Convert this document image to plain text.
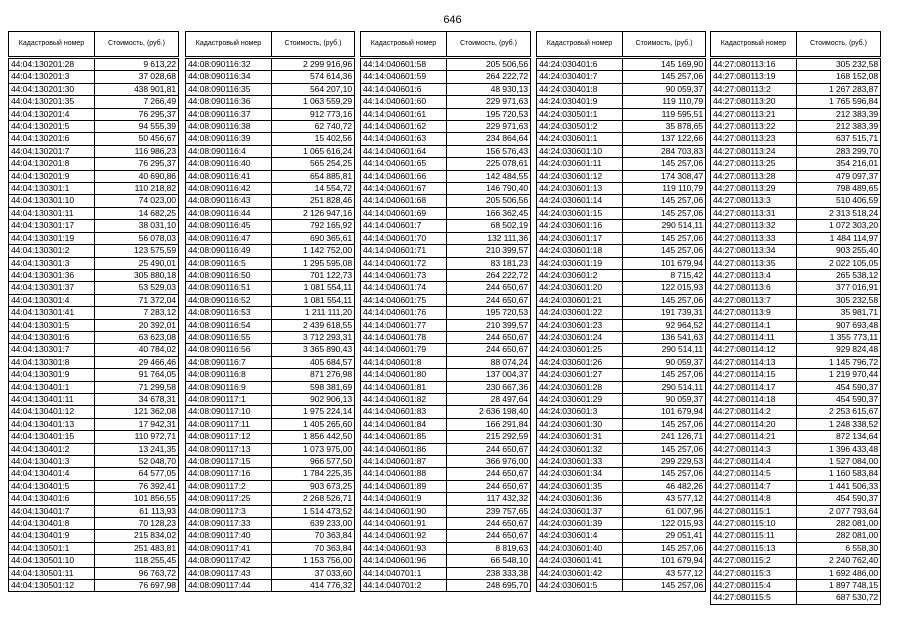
646
Кадастровый номер	Стоимость, (руб.)

44:04:130201:28	9 613,22
44:04:130201:3	37 028,68
44:04:130201:30	438 901,81
44:04:130201:35	7 266,49
44:04:130201:4	76 295,37
44:04:130201:5	94 555,39
44:04:130201:6	50 456,67
44:04:130201:7	116 986,23
44:04:130201:8	76 295,37
44:04:130201:9	40 690,86
44:04:130301:1	110 218,82
44:04:130301:10	74 023,00
44:04:130301:11	14 682,25
44:04:130301:17	38 031,10
44:04:130301:19	56 078,03
44:04:130301:2	123 575,59
44:04:130301:3	25 490,01
44:04:130301:36	305 880,18
44:04:130301:37	53 529,03
44:04:130301:4	71 372,04
44:04:130301:41	7 283,12
44:04:130301:5	20 392,01
44:04:130301:6	63 623,08
44:04:130301:7	40 784,02
44:04:130301:8	29 466,46
44:04:130301:9	91 764,05
44:04:130401:1	71 299,58
44:04:130401:11	34 678,31
44:04:130401:12	121 362,08
44:04:130401:13	17 942,31
44:04:130401:15	110 972,71
44:04:130401:2	13 241,35
44:04:130401:3	52 048,70
44:04:130401:4	64 577,05
44:04:130401:5	76 392,41
44:04:130401:6	101 856,55
44:04:130401:7	61 113,93
44:04:130401:8	70 128,23
44:04:130401:9	215 834,02
44:04:130501:1	251 483,81
44:04:130501:10	118 255,45
44:04:130501:11	96 763,72
44:04:130501:12	76 697,98
Кадастровый номер	Стоимость, (руб.)

44:08:090116:32	2 299 916,96
44:08:090116:34	574 614,36
44:08:090116:35	564 207,10
44:08:090116:36	1 063 559,29
44:08:090116:37	912 773,16
44:08:090116:38	62 740,72
44:08:090116:39	15 402,56
44:08:090116:4	1 065 616,24
44:08:090116:40	565 254,25
44:08:090116:41	654 885,81
44:08:090116:42	14 554,72
44:08:090116:43	251 828,46
44:08:090116:44	2 126 947,16
44:08:090116:45	792 165,92
44:08:090116:47	690 365,61
44:08:090116:49	1 142 752,00
44:08:090116:5	1 295 595,08
44:08:090116:50	701 122,73
44:08:090116:51	1 081 554,11
44:08:090116:52	1 081 554,11
44:08:090116:53	1 211 111,20
44:08:090116:54	2 439 618,55
44:08:090116:55	3 712 293,31
44:08:090116:56	3 365 890,43
44:08:090116:7	405 684,57
44:08:090116:8	871 276,98
44:08:090116:9	598 381,69
44:08:090117:1	902 906,13
44:08:090117:10	1 975 224,14
44:08:090117:11	1 405 265,60
44:08:090117:12	1 856 442,50
44:08:090117:13	1 073 975,00
44:08:090117:15	966 577,50
44:08:090117:16	1 784 225,35
44:08:090117:2	903 673,25
44:08:090117:25	2 268 526,71
44:08:090117:3	1 514 473,52
44:08:090117:33	639 233,00
44:08:090117:40	70 363,84
44:08:090117:41	70 363,84
44:08:090117:42	1 153 756,00
44:08:090117:43	37 033,60
44:08:090117:44	414 776,32
Кадастровый номер	Стоимость, (руб.)

44:14:040601:58	205 506,56
44:14:040601:59	264 222,72
44:14:040601:6	48 930,13
44:14:040601:60	229 971,63
44:14:040601:61	195 720,53
44:14:040601:62	229 971,63
44:14:040601:63	234 864,64
44:14:040601:64	156 576,43
44:14:040601:65	225 078,61
44:14:040601:66	142 484,55
44:14:040601:67	146 790,40
44:14:040601:68	205 506,56
44:14:040601:69	166 362,45
44:14:040601:7	68 502,19
44:14:040601:70	132 111,36
44:14:040601:71	210 399,57
44:14:040601:72	83 181,23
44:14:040601:73	264 222,72
44:14:040601:74	244 650,67
44:14:040601:75	244 650,67
44:14:040601:76	195 720,53
44:14:040601:77	210 399,57
44:14:040601:78	244 650,67
44:14:040601:79	244 650,67
44:14:040601:8	88 074,24
44:14:040601:80	137 004,37
44:14:040601:81	230 667,36
44:14:040601:82	28 497,64
44:14:040601:83	2 636 198,40
44:14:040601:84	166 291,84
44:14:040601:85	215 292,59
44:14:040601:86	244 650,67
44:14:040601:87	366 976,00
44:14:040601:88	244 650,67
44:14:040601:89	244 650,67
44:14:040601:9	117 432,32
44:14:040601:90	239 757,65
44:14:040601:91	244 650,67
44:14:040601:92	244 650,67
44:14:040601:93	8 819,63
44:14:040601:96	66 548,10
44:14:040701:1	238 333,38
44:14:040701:2	248 695,70
Кадастровый номер	Стоимость, (руб.)

44:24:030401:6	145 169,90
44:24:030401:7	145 257,06
44:24:030401:8	90 059,37
44:24:030401:9	119 110,79
44:24:030501:1	119 595,51
44:24:030501:2	35 878,65
44:24:030601:1	137 122,66
44:24:030601:10	284 703,83
44:24:030601:11	145 257,06
44:24:030601:12	174 308,47
44:24:030601:13	119 110,79
44:24:030601:14	145 257,06
44:24:030601:15	145 257,06
44:24:030601:16	290 514,11
44:24:030601:17	145 257,06
44:24:030601:18	145 257,06
44:24:030601:19	101 679,94
44:24:030601:2	8 715,42
44:24:030601:20	122 015,93
44:24:030601:21	145 257,06
44:24:030601:22	191 739,31
44:24:030601:23	92 964,52
44:24:030601:24	136 541,63
44:24:030601:25	290 514,11
44:24:030601:26	90 059,37
44:24:030601:27	145 257,06
44:24:030601:28	290 514,11
44:24:030601:29	90 059,37
44:24:030601:3	101 679,94
44:24:030601:30	145 257,06
44:24:030601:31	241 126,71
44:24:030601:32	145 257,06
44:24:030601:33	299 229,53
44:24:030601:34	145 257,06
44:24:030601:35	46 482,26
44:24:030601:36	43 577,12
44:24:030601:37	61 007,96
44:24:030601:39	122 015,93
44:24:030601:4	29 051,41
44:24:030601:40	145 257,06
44:24:030601:41	101 679,94
44:24:030601:42	43 577,12
44:24:030601:5	145 257,06
Кадастровый номер	Стоимость, (руб.)

44:27:080113:16	305 232,58
44:27:080113:19	168 152,08
44:27:080113:2	1 267 283,87
44:27:080113:20	1 765 596,84
44:27:080113:21	212 383,39
44:27:080113:22	212 383,39
44:27:080113:23	637 515,71
44:27:080113:24	283 299,70
44:27:080113:25	354 216,01
44:27:080113:28	479 097,37
44:27:080113:29	798 489,65
44:27:080113:3	510 406,59
44:27:080113:31	2 313 518,24
44:27:080113:32	1 072 303,20
44:27:080113:33	1 484 114,97
44:27:080113:34	903 255,40
44:27:080113:35	2 022 105,05
44:27:080113:4	265 538,12
44:27:080113:6	377 016,91
44:27:080113:7	305 232,58
44:27:080113:9	35 981,71
44:27:080114:1	907 693,48
44:27:080114:11	1 355 773,11
44:27:080114:12	929 824,48
44:27:080114:13	1 145 796,72
44:27:080114:15	1 219 970,44
44:27:080114:17	454 590,37
44:27:080114:18	454 590,37
44:27:080114:2	2 253 615,67
44:27:080114:20	1 248 338,52
44:27:080114:21	872 134,64
44:27:080114:3	1 396 433,48
44:27:080114:4	1 527 084,00
44:27:080114:5	1 160 583,84
44:27:080114:7	1 441 506,33
44:27:080114:8	454 590,37
44:27:080115:1	2 077 793,64
44:27:080115:10	282 081,00
44:27:080115:11	282 081,00
44:27:080115:13	6 558,30
44:27:080115:2	2 240 762,40
44:27:080115:3	1 692 486,00
44:27:080115:4	1 897 748,15
44:27:080115:5	687 530,72
